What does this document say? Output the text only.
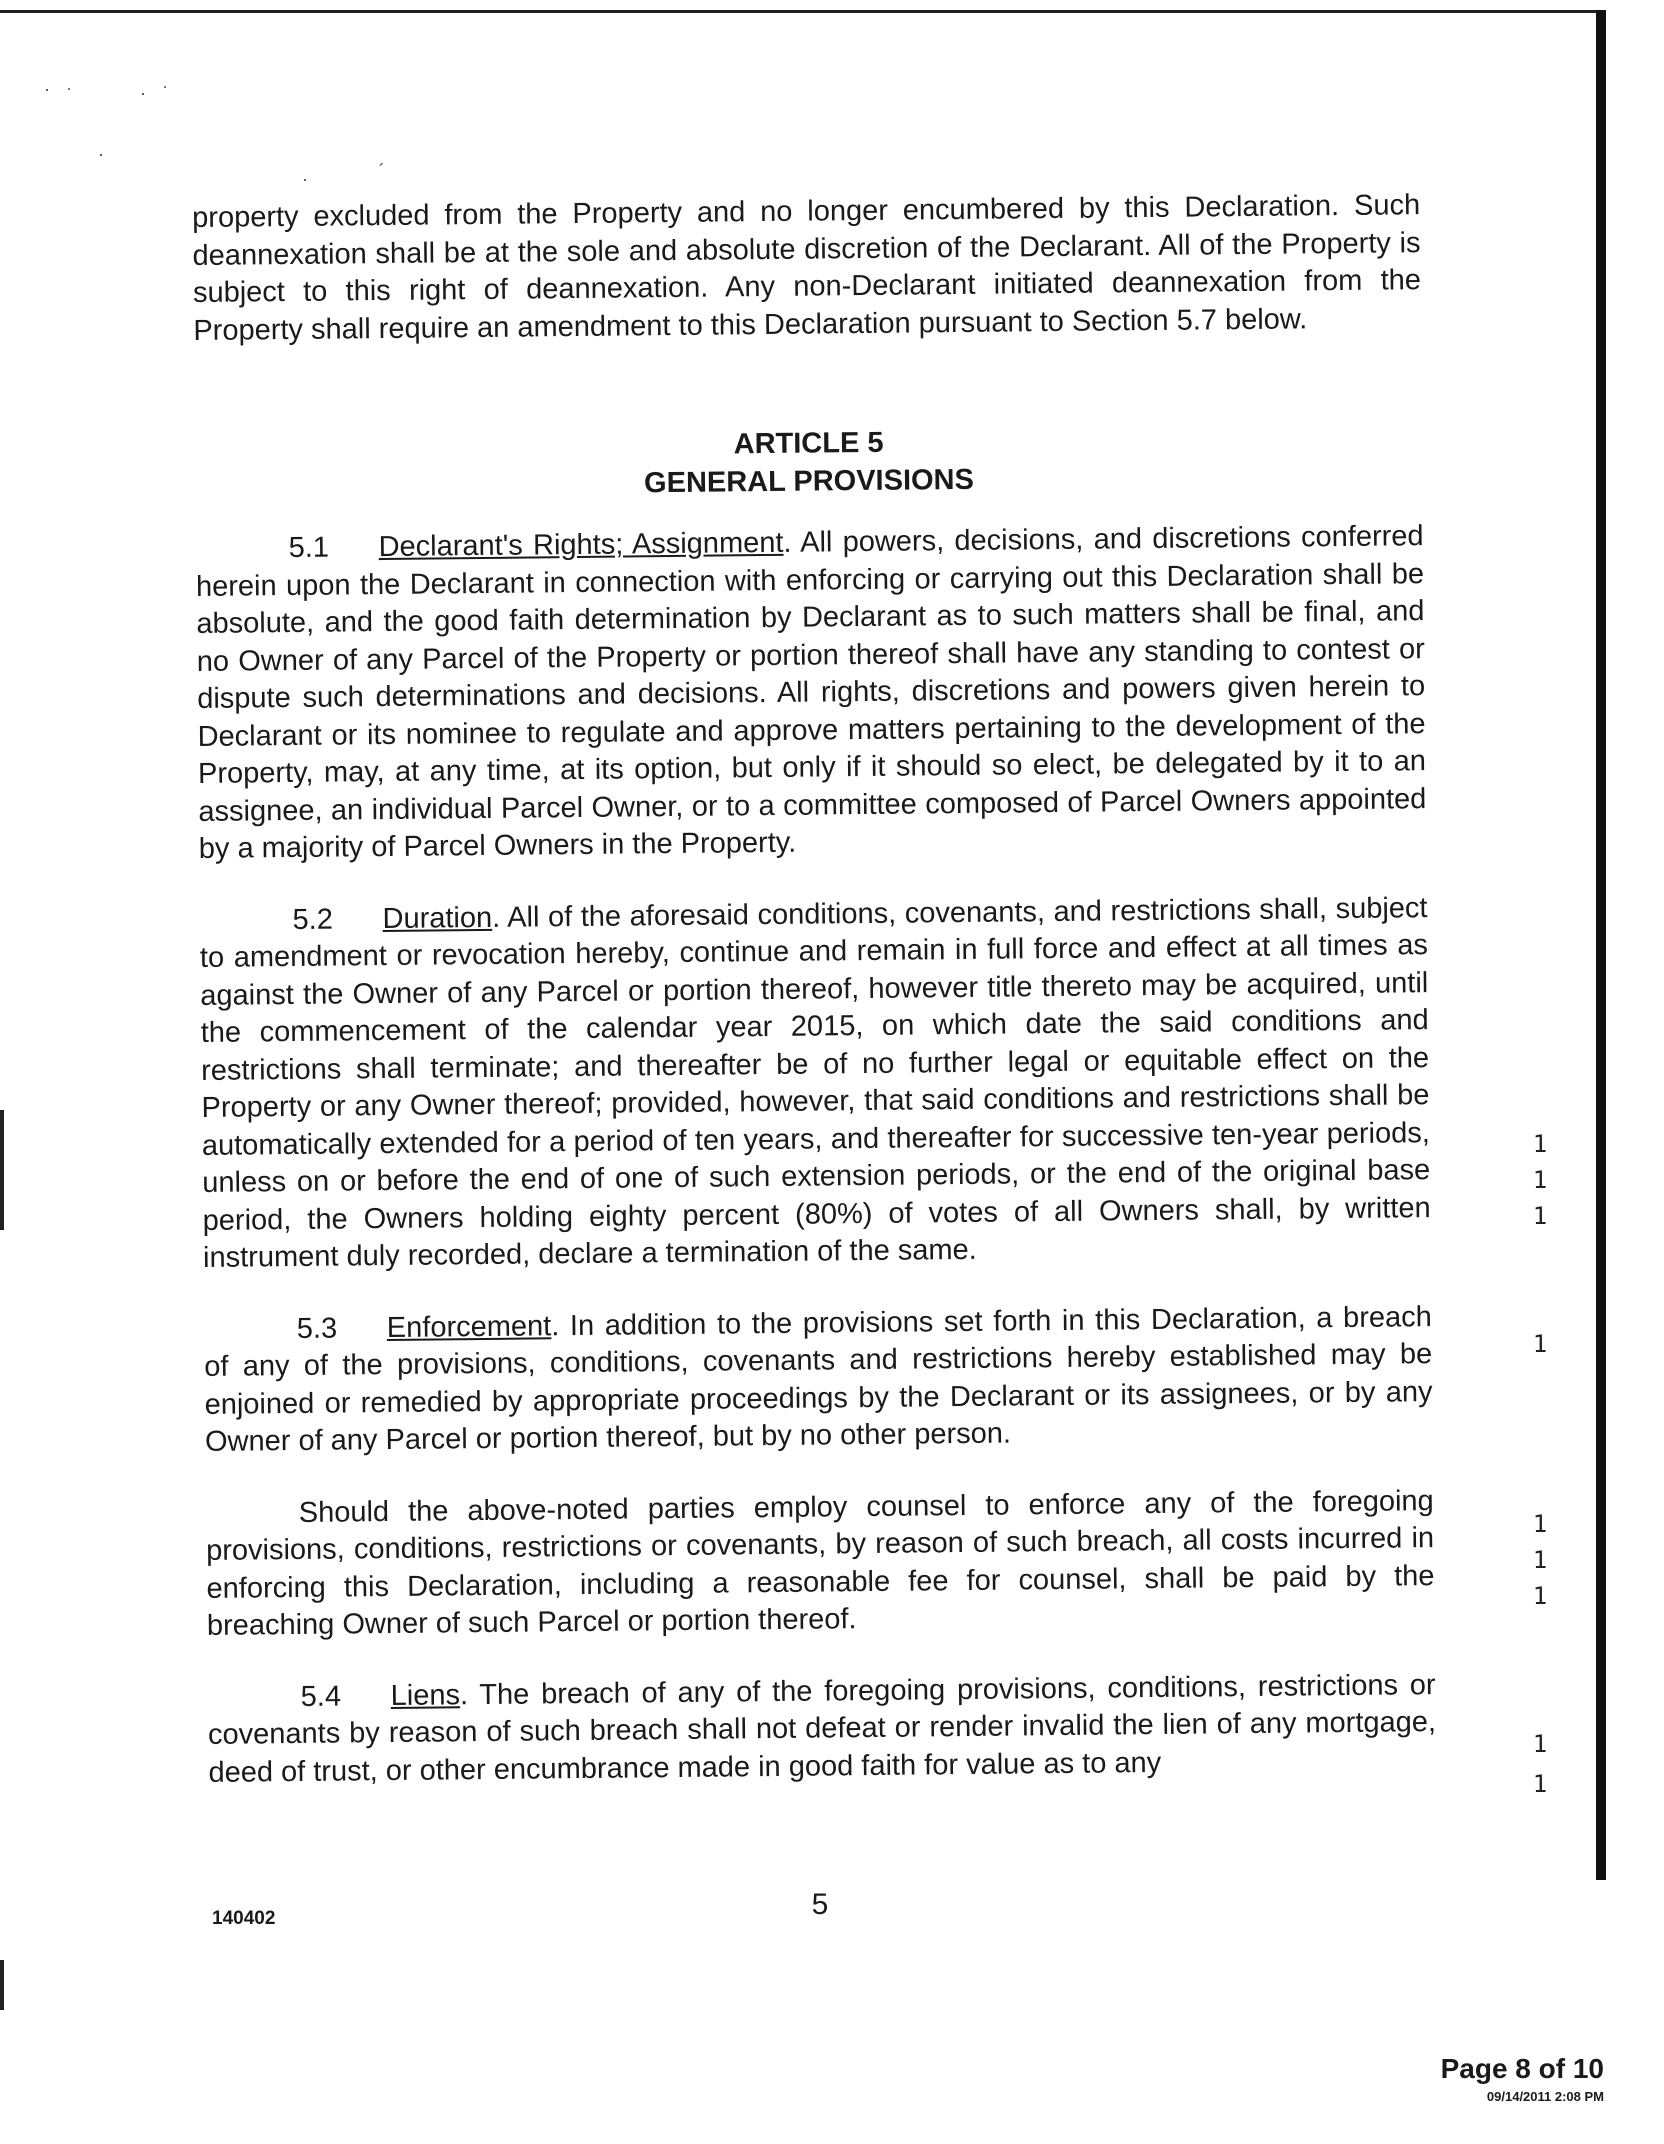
· ˙	· ˙
·
·	´

property excluded from the Property and no longer encumbered by this Declaration. Such deannexation shall be at the sole and absolute discretion of the Declarant. All of the Property is subject to this right of deannexation. Any non-Declarant initiated deannexation from the Property shall require an amendment to this Declaration pursuant to Section 5.7 below.

ARTICLE 5
GENERAL PROVISIONS

5.1 Declarant's Rights; Assignment. All powers, decisions, and discretions conferred herein upon the Declarant in connection with enforcing or carrying out this Declaration shall be absolute, and the good faith determination by Declarant as to such matters shall be final, and no Owner of any Parcel of the Property or portion thereof shall have any standing to contest or dispute such determinations and decisions. All rights, discretions and powers given herein to Declarant or its nominee to regulate and approve matters pertaining to the development of the Property, may, at any time, at its option, but only if it should so elect, be delegated by it to an assignee, an individual Parcel Owner, or to a committee composed of Parcel Owners appointed by a majority of Parcel Owners in the Property.

5.2 Duration. All of the aforesaid conditions, covenants, and restrictions shall, subject to amendment or revocation hereby, continue and remain in full force and effect at all times as against the Owner of any Parcel or portion thereof, however title thereto may be acquired, until the commencement of the calendar year 2015, on which date the said conditions and restrictions shall terminate; and thereafter be of no further legal or equitable effect on the Property or any Owner thereof; provided, however, that said conditions and restrictions shall be automatically extended for a period of ten years, and thereafter for successive ten-year periods, unless on or before the end of one of such extension periods, or the end of the original base period, the Owners holding eighty percent (80%) of votes of all Owners shall, by written instrument duly recorded, declare a termination of the same.

5.3 Enforcement. In addition to the provisions set forth in this Declaration, a breach of any of the provisions, conditions, covenants and restrictions hereby established may be enjoined or remedied by appropriate proceedings by the Declarant or its assignees, or by any Owner of any Parcel or portion thereof, but by no other person.

Should the above-noted parties employ counsel to enforce any of the foregoing provisions, conditions, restrictions or covenants, by reason of such breach, all costs incurred in enforcing this Declaration, including a reasonable fee for counsel, shall be paid by the breaching Owner of such Parcel or portion thereof.

5.4 Liens. The breach of any of the foregoing provisions, conditions, restrictions or covenants by reason of such breach shall not defeat or render invalid the lien of any mortgage, deed of trust, or other encumbrance made in good faith for value as to any

1
1
1
1
1
1
1
1
1
140402	5
Page 8 of 10
09/14/2011 2:08 PM
